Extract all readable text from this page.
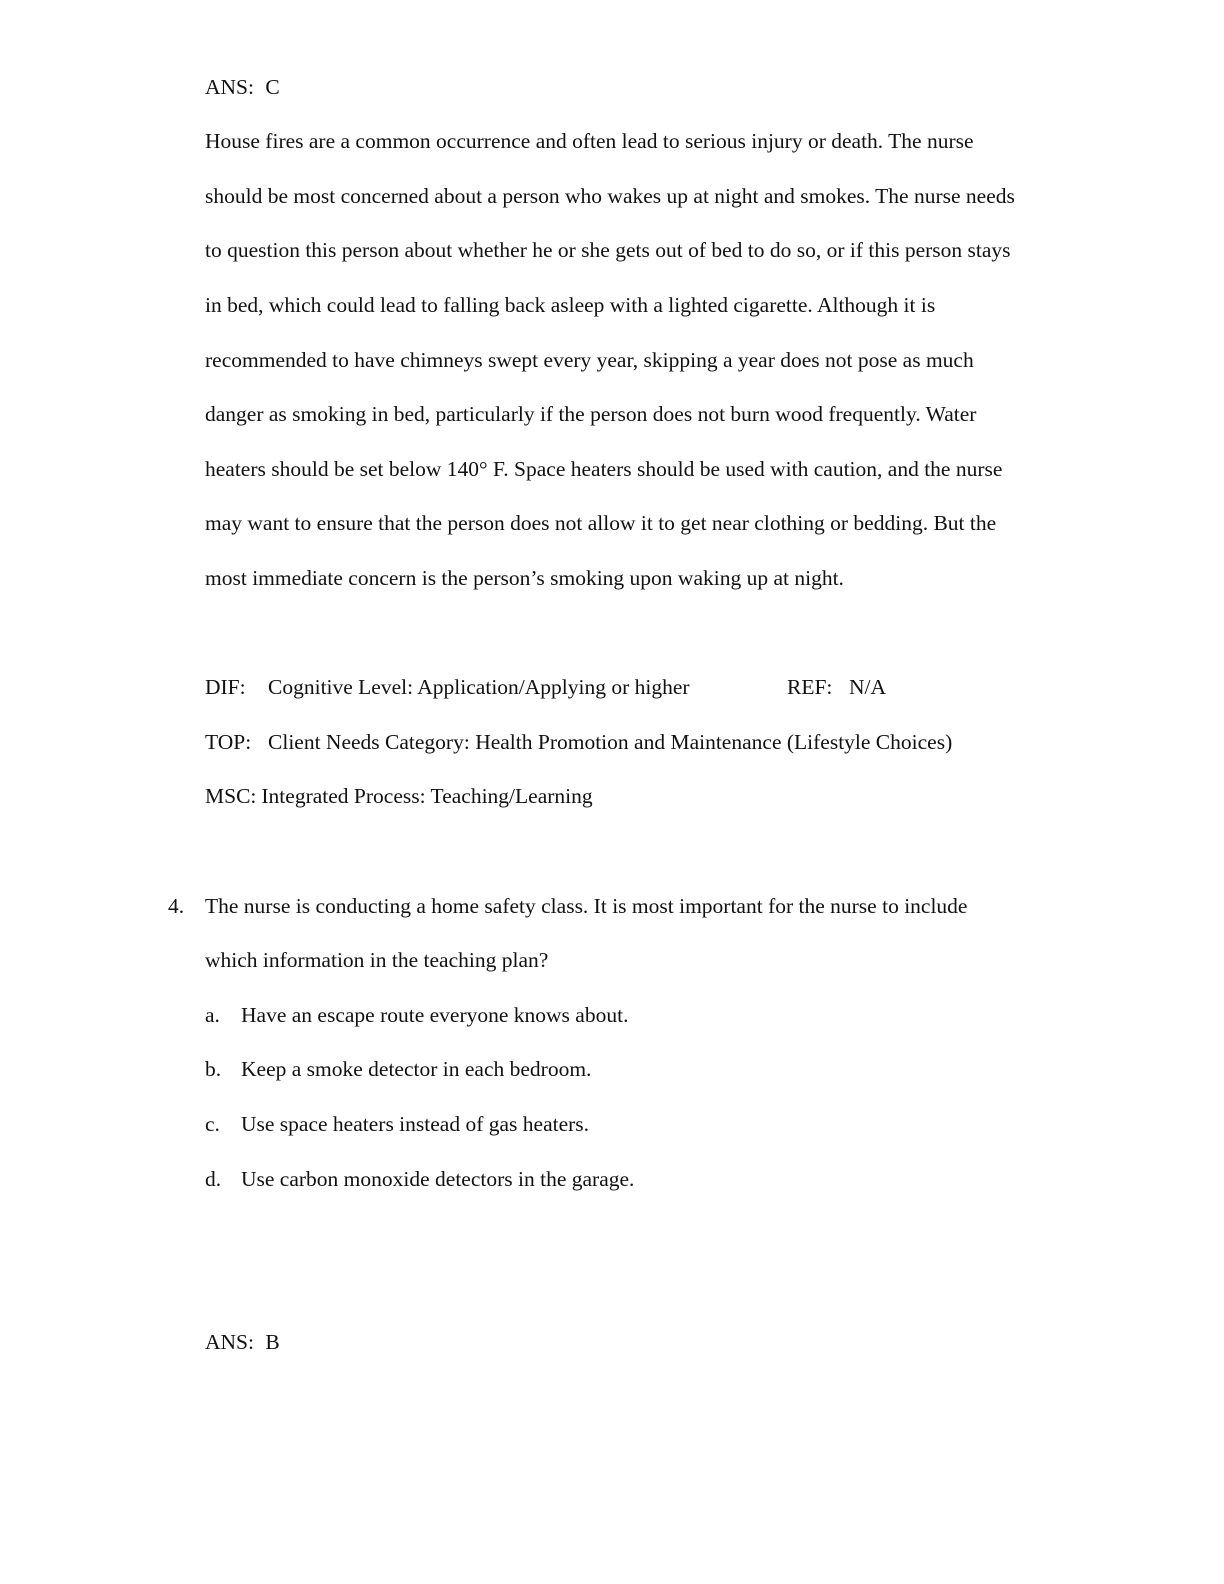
ANS: C
House fires are a common occurrence and often lead to serious injury or death. The nurse
should be most concerned about a person who wakes up at night and smokes. The nurse needs
to question this person about whether he or she gets out of bed to do so, or if this person stays
in bed, which could lead to falling back asleep with a lighted cigarette. Although it is
recommended to have chimneys swept every year, skipping a year does not pose as much
danger as smoking in bed, particularly if the person does not burn wood frequently. Water
heaters should be set below 140° F. Space heaters should be used with caution, and the nurse
may want to ensure that the person does not allow it to get near clothing or bedding. But the
most immediate concern is the person’s smoking upon waking up at night.
DIF: Cognitive Level: Application/Applying or higher	REF: N/A
TOP: Client Needs Category: Health Promotion and Maintenance (Lifestyle Choices)
MSC: Integrated Process: Teaching/Learning
4. The nurse is conducting a home safety class. It is most important for the nurse to include
which information in the teaching plan?
a. Have an escape route everyone knows about.
b. Keep a smoke detector in each bedroom.
c. Use space heaters instead of gas heaters.
d. Use carbon monoxide detectors in the garage.
ANS: B
